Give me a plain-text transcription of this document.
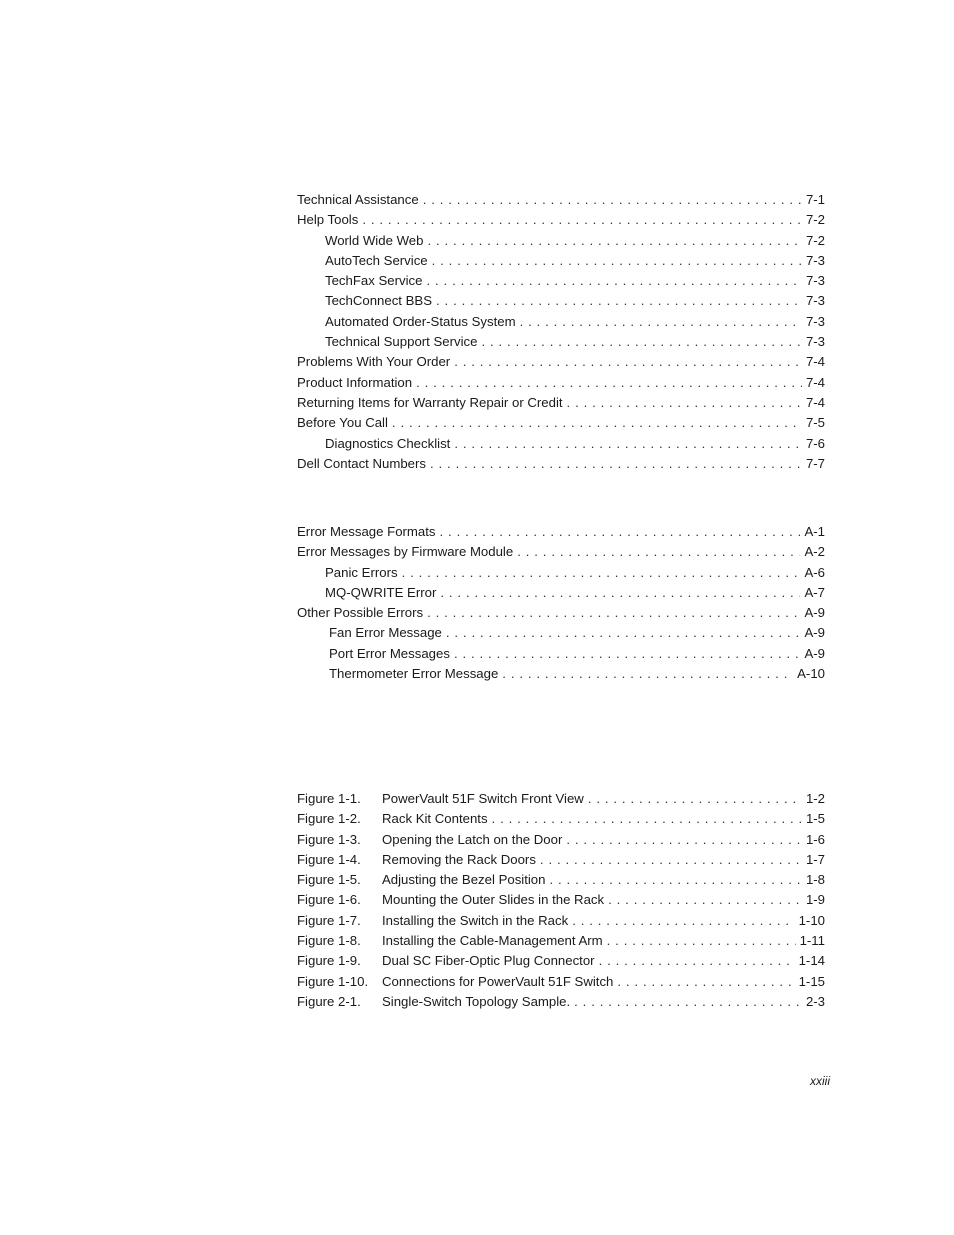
Technical Assistance . . .	7-1
Help Tools . . .	7-2
World Wide Web . . .	7-2
AutoTech Service . . .	7-3
TechFax Service . . .	7-3
TechConnect BBS . . .	7-3
Automated Order-Status System . . .	7-3
Technical Support Service . . .	7-3
Problems With Your Order . . .	7-4
Product Information . . .	7-4
Returning Items for Warranty Repair or Credit . . .	7-4
Before You Call . . .	7-5
Diagnostics Checklist . . .	7-6
Dell Contact Numbers . . .	7-7
Error Message Formats . . .	A-1
Error Messages by Firmware Module . . .	A-2
Panic Errors . . .	A-6
MQ-QWRITE Error . . .	A-7
Other Possible Errors . . .	A-9
Fan Error Message . . .	A-9
Port Error Messages . . .	A-9
Thermometer Error Message . . .	A-10
Figure 1-1.	PowerVault 51F Switch Front View . . .	1-2
Figure 1-2.	Rack Kit Contents . . .	1-5
Figure 1-3.	Opening the Latch on the Door . . .	1-6
Figure 1-4.	Removing the Rack Doors . . .	1-7
Figure 1-5.	Adjusting the Bezel Position . . .	1-8
Figure 1-6.	Mounting the Outer Slides in the Rack . . .	1-9
Figure 1-7.	Installing the Switch in the Rack . . .	1-10
Figure 1-8.	Installing the Cable-Management Arm . . .	1-11
Figure 1-9.	Dual SC Fiber-Optic Plug Connector . . .	1-14
Figure 1-10.	Connections for PowerVault 51F Switch . . .	1-15
Figure 2-1.	Single-Switch Topology Sample. . . .	2-3
xxiii
